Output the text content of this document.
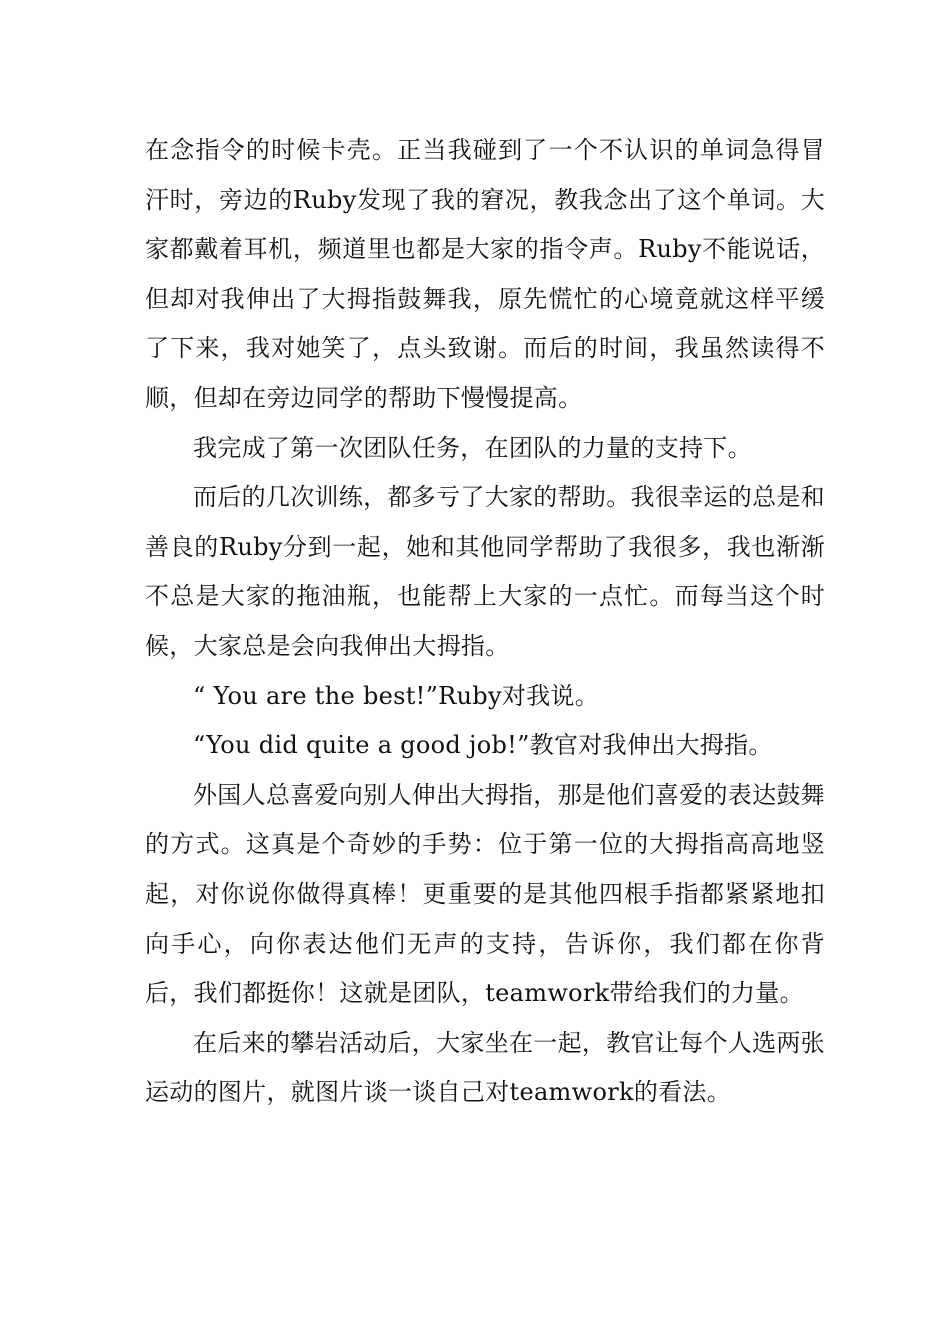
在念指令的时候卡壳。正当我碰到了一个不认识的单词急得冒汗时，旁边的Ruby发现了我的窘况，教我念出了这个单词。大家都戴着耳机，频道里也都是大家的指令声。Ruby不能说话，但却对我伸出了大拇指鼓舞我，原先慌忙的心境竟就这样平缓了下来，我对她笑了，点头致谢。而后的时间，我虽然读得不顺，但却在旁边同学的帮助下慢慢提高。

我完成了第一次团队任务，在团队的力量的支持下。

而后的几次训练，都多亏了大家的帮助。我很幸运的总是和善良的Ruby分到一起，她和其他同学帮助了我很多，我也渐渐不总是大家的拖油瓶，也能帮上大家的一点忙。而每当这个时候，大家总是会向我伸出大拇指。

“ You are the best!”Ruby对我说。

“You did quite a good job!”教官对我伸出大拇指。

外国人总喜爱向别人伸出大拇指，那是他们喜爱的表达鼓舞的方式。这真是个奇妙的手势：位于第一位的大拇指高高地竖起，对你说你做得真棒！更重要的是其他四根手指都紧紧地扣向手心，向你表达他们无声的支持，告诉你，我们都在你背后，我们都挺你！这就是团队，teamwork带给我们的力量。

在后来的攀岩活动后，大家坐在一起，教官让每个人选两张运动的图片，就图片谈一谈自己对teamwork的看法。
